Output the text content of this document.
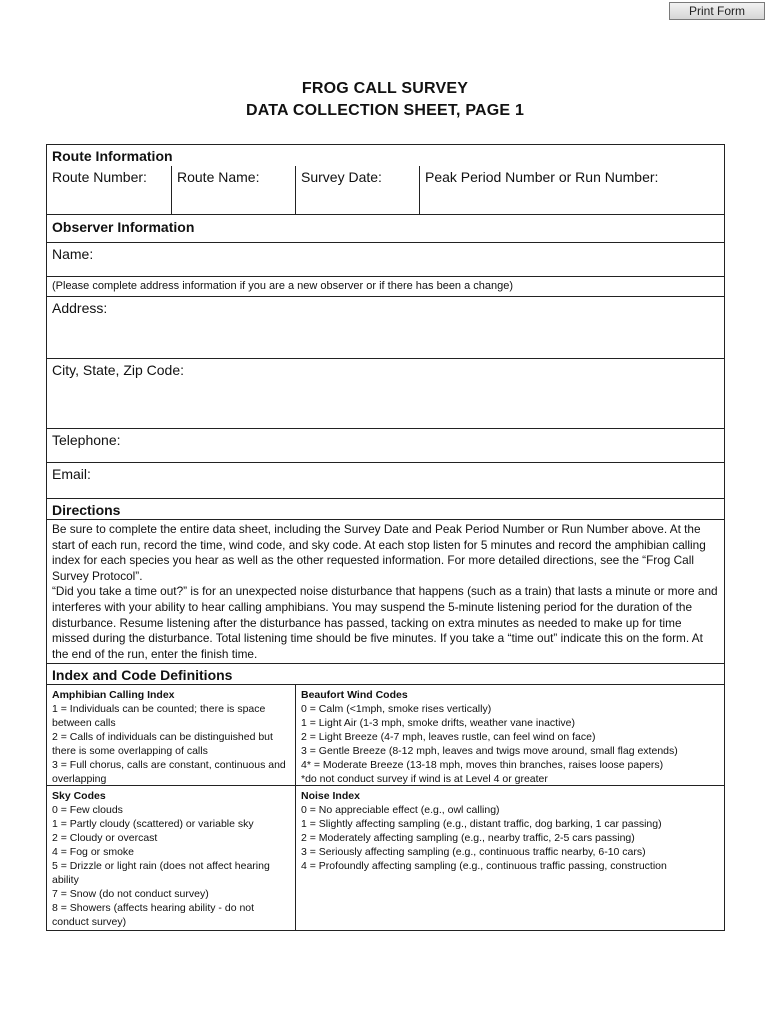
Print Form
FROG CALL SURVEY
DATA COLLECTION SHEET, PAGE 1
Route Information
Route Number:	Route Name:	Survey Date:	Peak Period Number or Run Number:
Observer Information
Name:
(Please complete address information if you are a new observer or if there has been a change)
Address:
City, State, Zip Code:
Telephone:
Email:
Directions

Be sure to complete the entire data sheet, including the Survey Date and Peak Period Number or Run Number above. At the start of each run, record the time, wind code, and sky code. At each stop listen for 5 minutes and record the amphibian calling index for each species you hear as well as the other requested information. For more detailed directions, see the “Frog Call Survey Protocol”.

“Did you take a time out?” is for an unexpected noise disturbance that happens (such as a train) that lasts a minute or more and interferes with your ability to hear calling amphibians. You may suspend the 5-minute listening period for the duration of the disturbance. Resume listening after the disturbance has passed, tacking on extra minutes as needed to make up for time missed during the disturbance. Total listening time should be five minutes. If you take a “time out” indicate this on the form. At the end of the run, enter the finish time.

Index and Code Definitions
Amphibian Calling Index
1 = Individuals can be counted; there is space between calls
2 = Calls of individuals can be distinguished but there is some overlapping of calls
3 = Full chorus, calls are constant, continuous and overlapping
Beaufort Wind Codes
0 = Calm (<1mph, smoke rises vertically)
1 = Light Air (1-3 mph, smoke drifts, weather vane inactive)
2 = Light Breeze (4-7 mph, leaves rustle, can feel wind on face)
3 = Gentle Breeze (8-12 mph, leaves and twigs move around, small flag extends)
4* = Moderate Breeze (13-18 mph, moves thin branches, raises loose papers)
*do not conduct survey if wind is at Level 4 or greater
Sky Codes
0 = Few clouds
1 = Partly cloudy (scattered) or variable sky
2 = Cloudy or overcast
4 = Fog or smoke
5 = Drizzle or light rain (does not affect hearing ability
7 = Snow (do not conduct survey)
8 = Showers (affects hearing ability - do not conduct survey)
Noise Index
0 = No appreciable effect (e.g., owl calling)
1 = Slightly affecting sampling (e.g., distant traffic, dog barking, 1 car passing)
2 = Moderately affecting sampling (e.g., nearby traffic, 2-5 cars passing)
3 = Seriously affecting sampling (e.g., continuous traffic nearby, 6-10 cars)
4 = Profoundly affecting sampling (e.g., continuous traffic passing, construction
